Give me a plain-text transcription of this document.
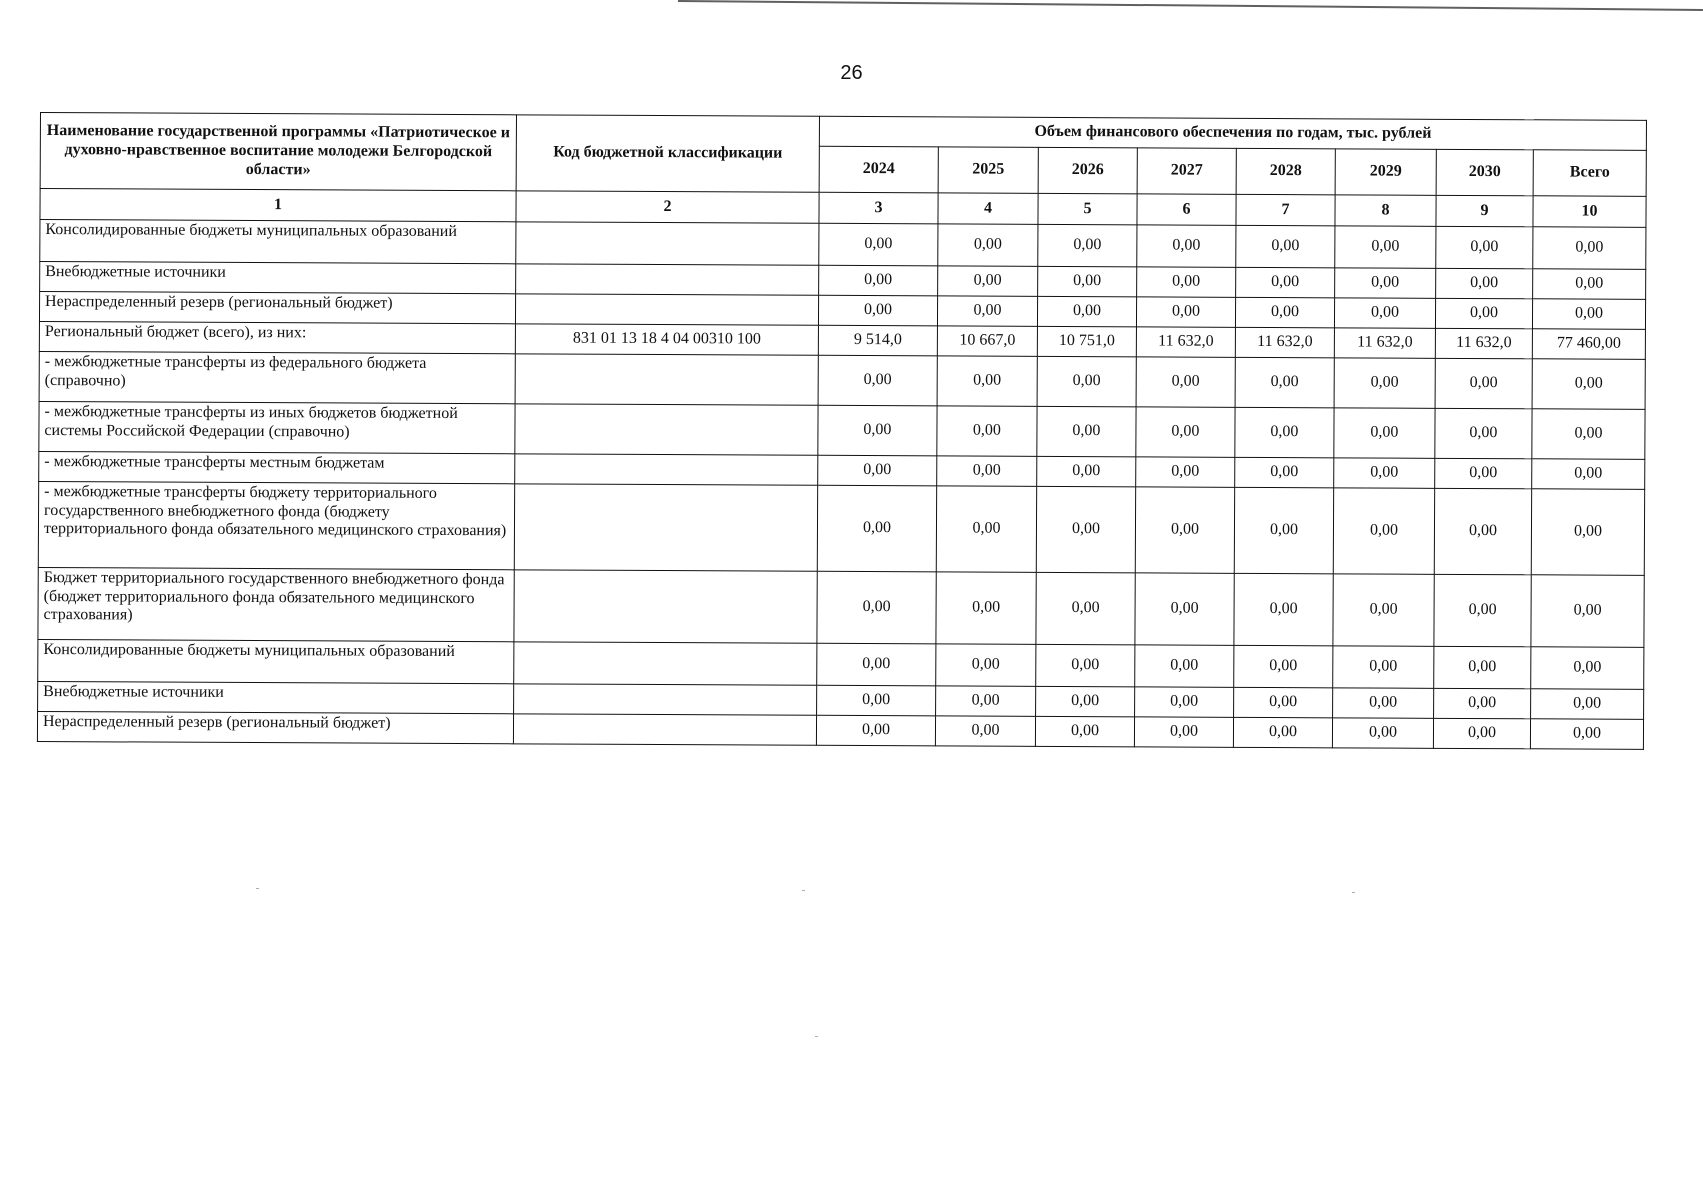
26
Наименование государственной программы «Патриотическое и духовно-нравственное воспитание молодежи Белгородской области»	Код бюджетной классификации	Объем финансового обеспечения по годам, тыс. рублей							
		2024	2025	2026	2027	2028	2029	2030	Всего
1	2	3	4	5	6	7	8	9	10
Консолидированные бюджеты муниципальных образований		0,00	0,00	0,00	0,00	0,00	0,00	0,00	0,00
Внебюджетные источники		0,00	0,00	0,00	0,00	0,00	0,00	0,00	0,00
Нераспределенный резерв (региональный бюджет)		0,00	0,00	0,00	0,00	0,00	0,00	0,00	0,00
Региональный бюджет (всего), из них:	831 01 13 18 4 04 00310 100	9 514,0	10 667,0	10 751,0	11 632,0	11 632,0	11 632,0	11 632,0	77 460,00
- межбюджетные трансферты из федерального бюджета (справочно)		0,00	0,00	0,00	0,00	0,00	0,00	0,00	0,00
- межбюджетные трансферты из иных бюджетов бюджетной системы Российской Федерации (справочно)		0,00	0,00	0,00	0,00	0,00	0,00	0,00	0,00
- межбюджетные трансферты местным бюджетам		0,00	0,00	0,00	0,00	0,00	0,00	0,00	0,00
- межбюджетные трансферты бюджету территориального государственного внебюджетного фонда (бюджету территориального фонда обязательного медицинского страхования)		0,00	0,00	0,00	0,00	0,00	0,00	0,00	0,00
Бюджет территориального государственного внебюджетного фонда (бюджет территориального фонда обязательного медицинского страхования)		0,00	0,00	0,00	0,00	0,00	0,00	0,00	0,00
Консолидированные бюджеты муниципальных образований		0,00	0,00	0,00	0,00	0,00	0,00	0,00	0,00
Внебюджетные источники		0,00	0,00	0,00	0,00	0,00	0,00	0,00	0,00
Нераспределенный резерв (региональный бюджет)		0,00	0,00	0,00	0,00	0,00	0,00	0,00	0,00
